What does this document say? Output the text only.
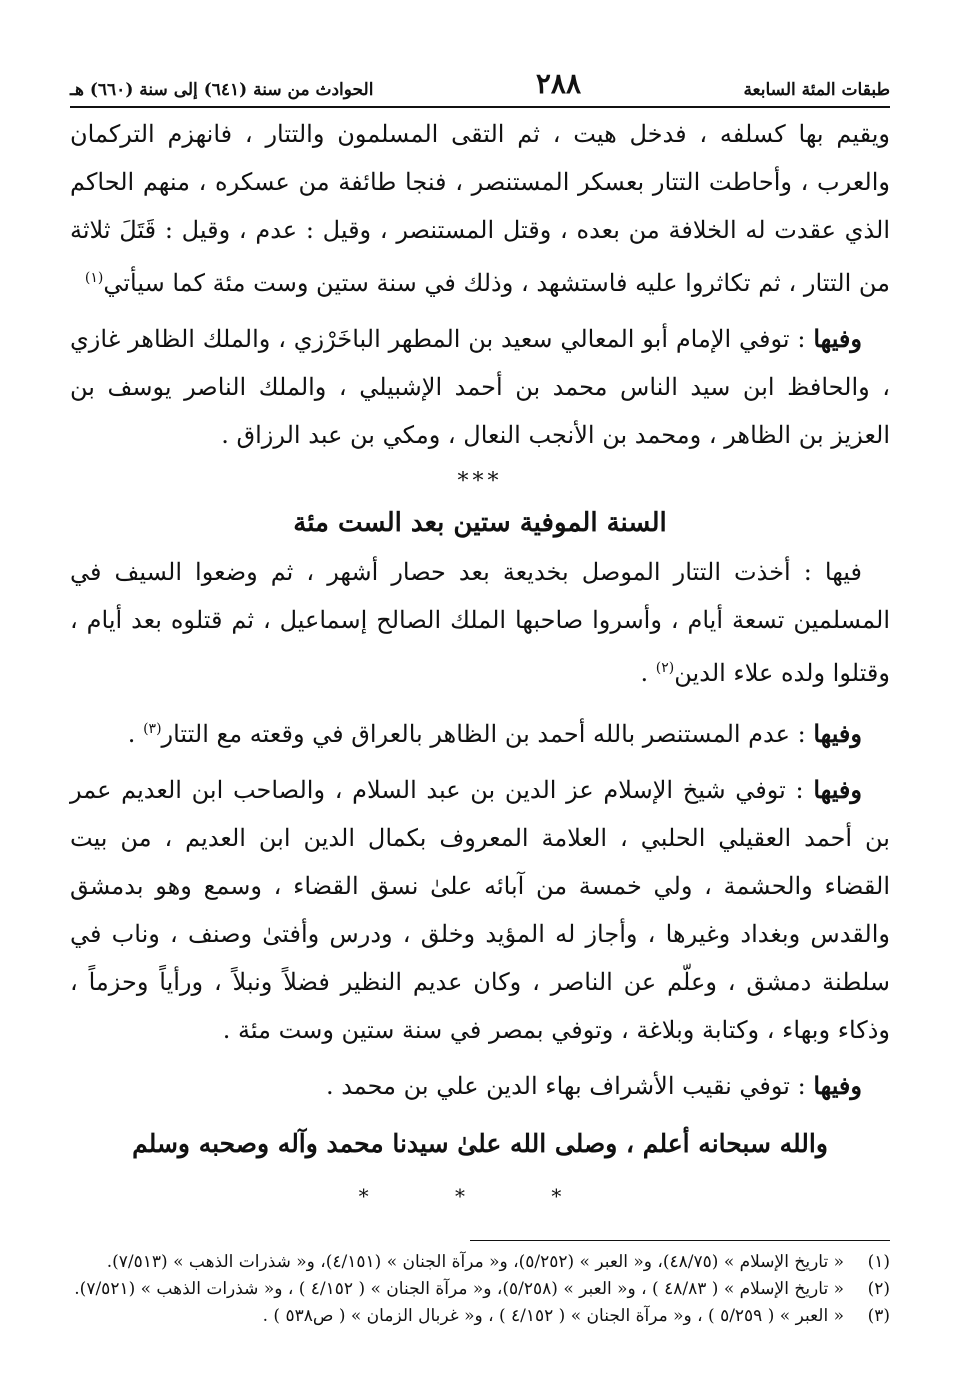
طبقات المئة السابعة
٢٨٨
الحوادث من سنة (٦٤١) إلى سنة (٦٦٠) هـ

ويقيم بها كسلفه ، فدخل هيت ، ثم التقى المسلمون والتتار ، فانهزم التركمان والعرب ، وأحاطت التتار بعسكر المستنصر ، فنجا طائفة من عسكره ، منهم الحاكم الذي عقدت له الخلافة من بعده ، وقتل المستنصر ، وقيل : عدم ، وقيل : قَتَلَ ثلاثة من التتار ، ثم تكاثروا عليه فاستشهد ، وذلك في سنة ستين وست مئة كما سيأتي$^{(١)}$

وفيها : توفي الإمام أبو المعالي سعيد بن المطهر الباخَرْزي ، والملك الظاهر غازي ، والحافظ ابن سيد الناس محمد بن أحمد الإشبيلي ، والملك الناصر يوسف بن العزيز بن الظاهر ، ومحمد بن الأنجب النعال ، ومكي بن عبد الرزاق .

***
السنة الموفية ستين بعد الست مئة

فيها : أخذت التتار الموصل بخديعة بعد حصار أشهر ، ثم وضعوا السيف في المسلمين تسعة أيام ، وأسروا صاحبها الملك الصالح إسماعيل ، ثم قتلوه بعد أيام ، وقتلوا ولده علاء الدين$^{(٢)}$ .

وفيها : عدم المستنصر بالله أحمد بن الظاهر بالعراق في وقعته مع التتار$^{(٣)}$ .

وفيها : توفي شيخ الإسلام عز الدين بن عبد السلام ، والصاحب ابن العديم عمر بن أحمد العقيلي الحلبي ، العلامة المعروف بكمال الدين ابن العديم ، من بيت القضاء والحشمة ، ولي خمسة من آبائه علىٰ نسق القضاء ، وسمع وهو بدمشق والقدس وبغداد وغيرها ، وأجاز له المؤيد وخلق ، ودرس وأفتىٰ وصنف ، وناب في سلطنة دمشق ، وعلّم عن الناصر ، وكان عديم النظير فضلاً ونبلاً ، ورأياً وحزماً ، وذكاء وبهاء ، وكتابة وبلاغة ، وتوفي بمصر في سنة ستين وست مئة .

وفيها : توفي نقيب الأشراف بهاء الدين علي بن محمد .

والله سبحانه أعلم ، وصلى الله علىٰ سيدنا محمد وآله وصحبه وسلم
* * *

(١)« تاريخ الإسلام » (٤٨/٧٥)، و« العبر » (٥/٢٥٢)، و« مرآة الجنان » (٤/١٥١)، و« شذرات الذهب » (٧/٥١٣).

(٢)« تاريخ الإسلام » ( ٤٨/٨٣ ) ، و« العبر » (٥/٢٥٨)، و« مرآة الجنان » ( ٤/١٥٢ ) ، و« شذرات الذهب » (٧/٥٢١).

(٣)« العبر » ( ٥/٢٥٩ ) ، و« مرآة الجنان » ( ٤/١٥٢ ) ، و« غربال الزمان » ( ص٥٣٨ ) .
